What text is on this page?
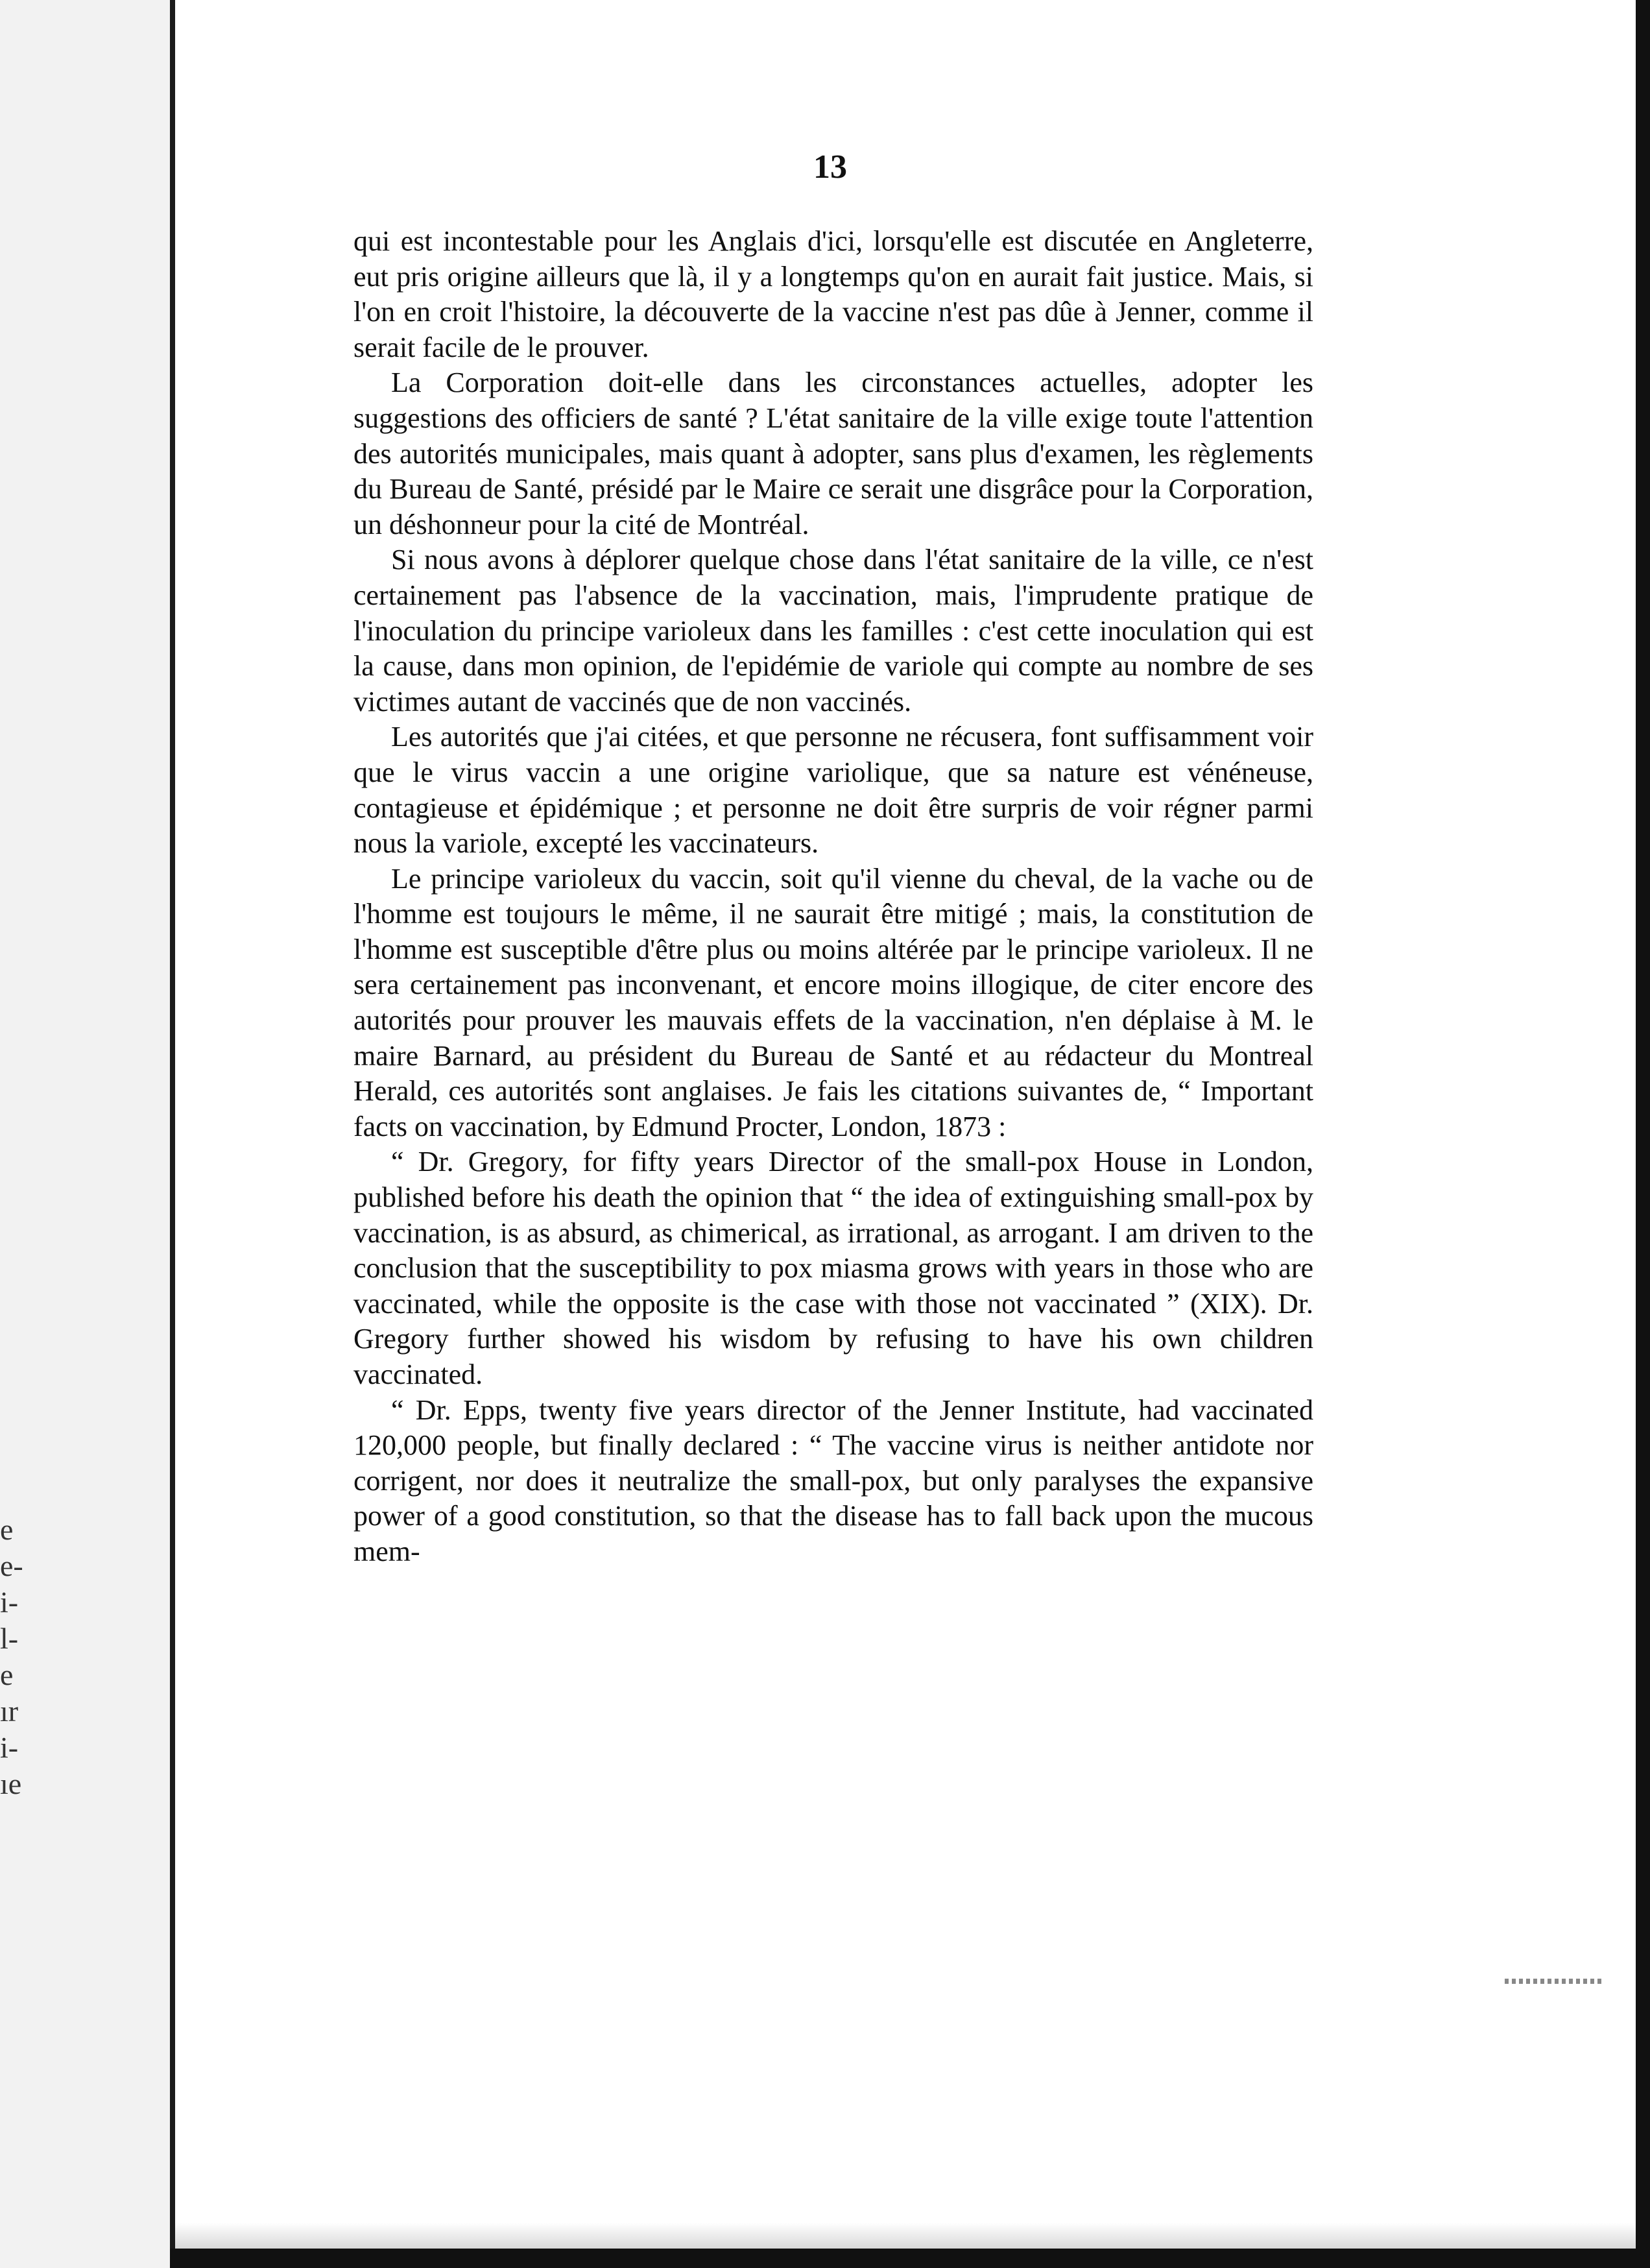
e
e-
i-
l-
e
ır
i-
ıe
13

qui est incontestable pour les Anglais d'ici, lorsqu'elle est discutée en Angleterre, eut pris origine ailleurs que là, il y a longtemps qu'on en aurait fait justice. Mais, si l'on en croit l'histoire, la découverte de la vaccine n'est pas dûe à Jenner, comme il serait facile de le prouver.

La Corporation doit-elle dans les circonstances actuelles, adopter les suggestions des officiers de santé ? L'état sanitaire de la ville exige toute l'attention des autorités municipales, mais quant à adopter, sans plus d'examen, les règlements du Bureau de Santé, présidé par le Maire ce serait une disgrâce pour la Corporation, un déshonneur pour la cité de Montréal.

Si nous avons à déplorer quelque chose dans l'état sanitaire de la ville, ce n'est certainement pas l'absence de la vaccination, mais, l'imprudente pratique de l'inoculation du principe varioleux dans les familles : c'est cette inoculation qui est la cause, dans mon opinion, de l'epidémie de variole qui compte au nombre de ses victimes autant de vaccinés que de non vaccinés.

Les autorités que j'ai citées, et que personne ne récusera, font suffisamment voir que le virus vaccin a une origine variolique, que sa nature est vénéneuse, contagieuse et épidémique ; et personne ne doit être surpris de voir régner parmi nous la variole, excepté les vaccinateurs.

Le principe varioleux du vaccin, soit qu'il vienne du cheval, de la vache ou de l'homme est toujours le même, il ne saurait être mitigé ; mais, la constitution de l'homme est susceptible d'être plus ou moins altérée par le principe varioleux. Il ne sera certainement pas inconvenant, et encore moins illogique, de citer encore des autorités pour prouver les mauvais effets de la vaccination, n'en déplaise à M. le maire Barnard, au président du Bureau de Santé et au rédacteur du Montreal Herald, ces autorités sont anglaises. Je fais les citations suivantes de, “ Important facts on vaccination, by Edmund Procter, London, 1873 :

“ Dr. Gregory, for fifty years Director of the small-pox House in London, published before his death the opinion that “ the idea of extinguishing small-pox by vaccination, is as absurd, as chimerical, as irrational, as arrogant. I am driven to the conclusion that the susceptibility to pox miasma grows with years in those who are vaccinated, while the opposite is the case with those not vaccinated ” (XIX). Dr. Gregory further showed his wisdom by refusing to have his own children vaccinated.

“ Dr. Epps, twenty five years director of the Jenner Institute, had vaccinated 120,000 people, but finally declared : “ The vaccine virus is neither antidote nor corrigent, nor does it neutralize the small-pox, but only paralyses the expansive power of a good constitution, so that the disease has to fall back upon the mucous mem-
